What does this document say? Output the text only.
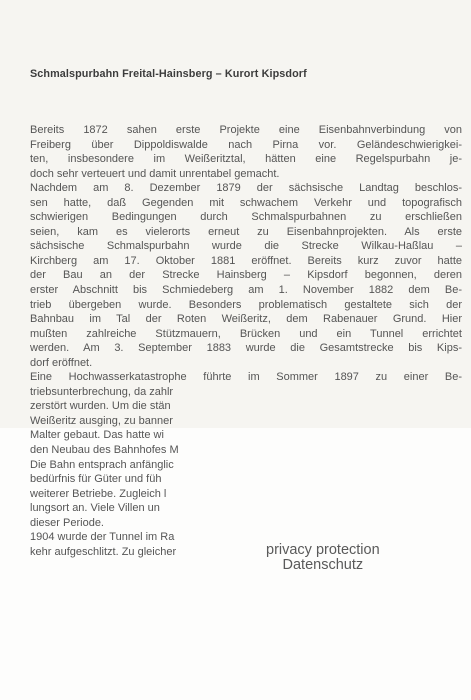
Schmalspurbahn Freital-Hainsberg – Kurort Kipsdorf
Bereits 1872 sahen erste Projekte eine Eisenbahnverbindung von
Freiberg über Dippoldiswalde nach Pirna vor. Geländeschwierigkei-
ten, insbesondere im Weißeritztal, hätten eine Regelspurbahn je-
doch sehr verteuert und damit unrentabel gemacht.
Nachdem am 8. Dezember 1879 der sächsische Landtag beschlos-
sen hatte, daß Gegenden mit schwachem Verkehr und topografisch
schwierigen Bedingungen durch Schmalspurbahnen zu erschließen
seien, kam es vielerorts erneut zu Eisenbahnprojekten. Als erste
sächsische Schmalspurbahn wurde die Strecke Wilkau-Haßlau –
Kirchberg am 17. Oktober 1881 eröffnet. Bereits kurz zuvor hatte
der Bau an der Strecke Hainsberg – Kipsdorf begonnen, deren
erster Abschnitt bis Schmiedeberg am 1. November 1882 dem Be-
trieb übergeben wurde. Besonders problematisch gestaltete sich der
Bahnbau im Tal der Roten Weißeritz, dem Rabenauer Grund. Hier
mußten zahlreiche Stützmauern, Brücken und ein Tunnel errichtet
werden. Am 3. September 1883 wurde die Gesamtstrecke bis Kips-
dorf eröffnet.
Eine Hochwasserkatastrophe führte im Sommer 1897 zu einer Be-
triebsunterbrechung, da zahlr
zerstört wurden. Um die stän
Weißeritz ausging, zu banner
Malter gebaut. Das hatte wi
den Neubau des Bahnhofes M
Die Bahn entsprach anfänglic
bedürfnis für Güter und füh
weiterer Betriebe. Zugleich l
lungsort an. Viele Villen un
dieser Periode.
1904 wurde der Tunnel im Ra
kehr aufgeschlitzt. Zu gleicher	privacy protection
Datenschutz
